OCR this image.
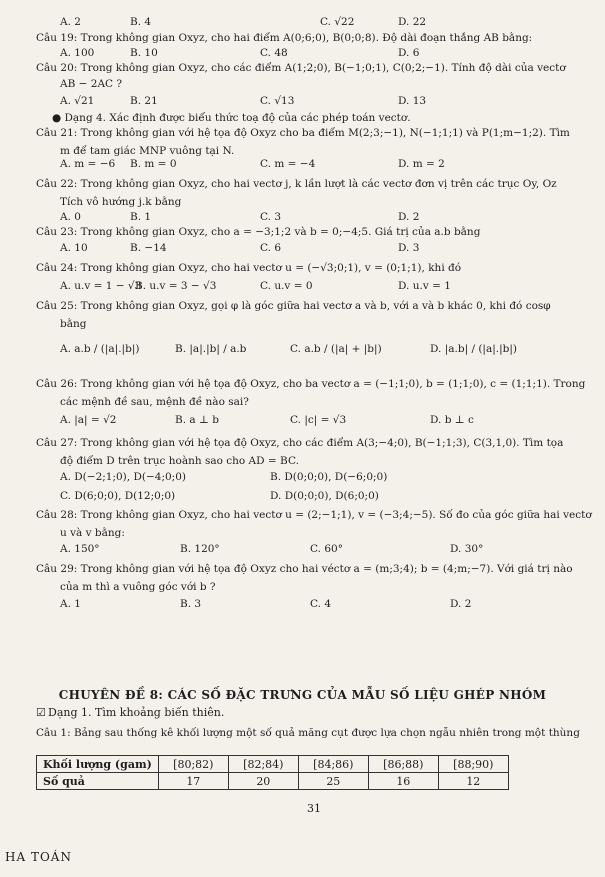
A. 2	B. 4	C. √22	D. 22
Câu 19: Trong không gian Oxyz, cho hai điểm A(0;6;0), B(0;0;8). Độ dài đoạn thẳng AB bằng:
A. 100	B. 10	C. 48	D. 6
Câu 20: Trong không gian Oxyz, cho các điểm A(1;2;0), B(−1;0;1), C(0;2;−1). Tính độ dài của vectơ
AB − 2AC ?
A. √21	B. 21	C. √13	D. 13
● Dạng 4. Xác định được biểu thức toạ độ của các phép toán vectơ.
Câu 21: Trong không gian với hệ tọa độ Oxyz cho ba điểm M(2;3;−1), N(−1;1;1) và P(1;m−1;2). Tìm
m để tam giác MNP vuông tại N.
A. m = −6 B. m = 0	C. m = −4	D. m = 2
Câu 22: Trong không gian Oxyz, cho hai vectơ j, k lần lượt là các vectơ đơn vị trên các trục Oy, Oz
Tích vô hướng j.k bằng
A. 0	B. 1	C. 3	D. 2
Câu 23: Trong không gian Oxyz, cho a = −3;1;2 và b = 0;−4;5. Giá trị của a.b bằng
A. 10	B. −14	C. 6	D. 3
Câu 24: Trong không gian Oxyz, cho hai vectơ u = (−√3;0;1), v = (0;1;1), khi đó
A. u.v = 1 − √3
B. u.v = 3 − √3	C. u.v = 0	D. u.v = 1
Câu 25: Trong không gian Oxyz, gọi φ là góc giữa hai vectơ a và b, với a và b khác 0, khi đó cosφ
bằng
A. a.b / (|a|.|b|)	B. |a|.|b| / a.b	C. a.b / (|a| + |b|)	D. |a.b| / (|a|.|b|)
Câu 26: Trong không gian với hệ tọa độ Oxyz, cho ba vectơ a = (−1;1;0), b = (1;1;0), c = (1;1;1). Trong
các mệnh đề sau, mệnh đề nào sai?
A. |a| = √2	B. a ⊥ b	C. |c| = √3	D. b ⊥ c
Câu 27: Trong không gian với hệ tọa độ Oxyz, cho các điểm A(3;−4;0), B(−1;1;3), C(3,1,0). Tìm tọa
độ điểm D trên trục hoành sao cho AD = BC.
A. D(−2;1;0), D(−4;0;0)	B. D(0;0;0), D(−6;0;0)
C. D(6;0;0), D(12;0;0)	D. D(0;0;0), D(6;0;0)
Câu 28: Trong không gian Oxyz, cho hai vectơ u = (2;−1;1), v = (−3;4;−5). Số đo của góc giữa hai vectơ
u và v bằng:
A. 150°	B. 120°	C. 60°	D. 30°
Câu 29: Trong không gian với hệ tọa độ Oxyz cho hai véctơ a = (m;3;4); b = (4;m;−7). Với giá trị nào
của m thì a vuông góc với b ?
A. 1	B. 3	C. 4	D. 2
CHUYÊN ĐỀ 8: CÁC SỐ ĐẶC TRƯNG CỦA MẪU SỐ LIỆU GHÉP NHÓM
☑ Dạng 1. Tìm khoảng biến thiên.
Câu 1: Bảng sau thống kê khối lượng một số quả măng cụt được lựa chọn ngẫu nhiên trong một thùng
Khối lượng (gam)	[80;82)	[82;84)	[84;86)	[86;88)	[88;90)
Số quả	17	20	25	16	12
31
HA TOÁN
